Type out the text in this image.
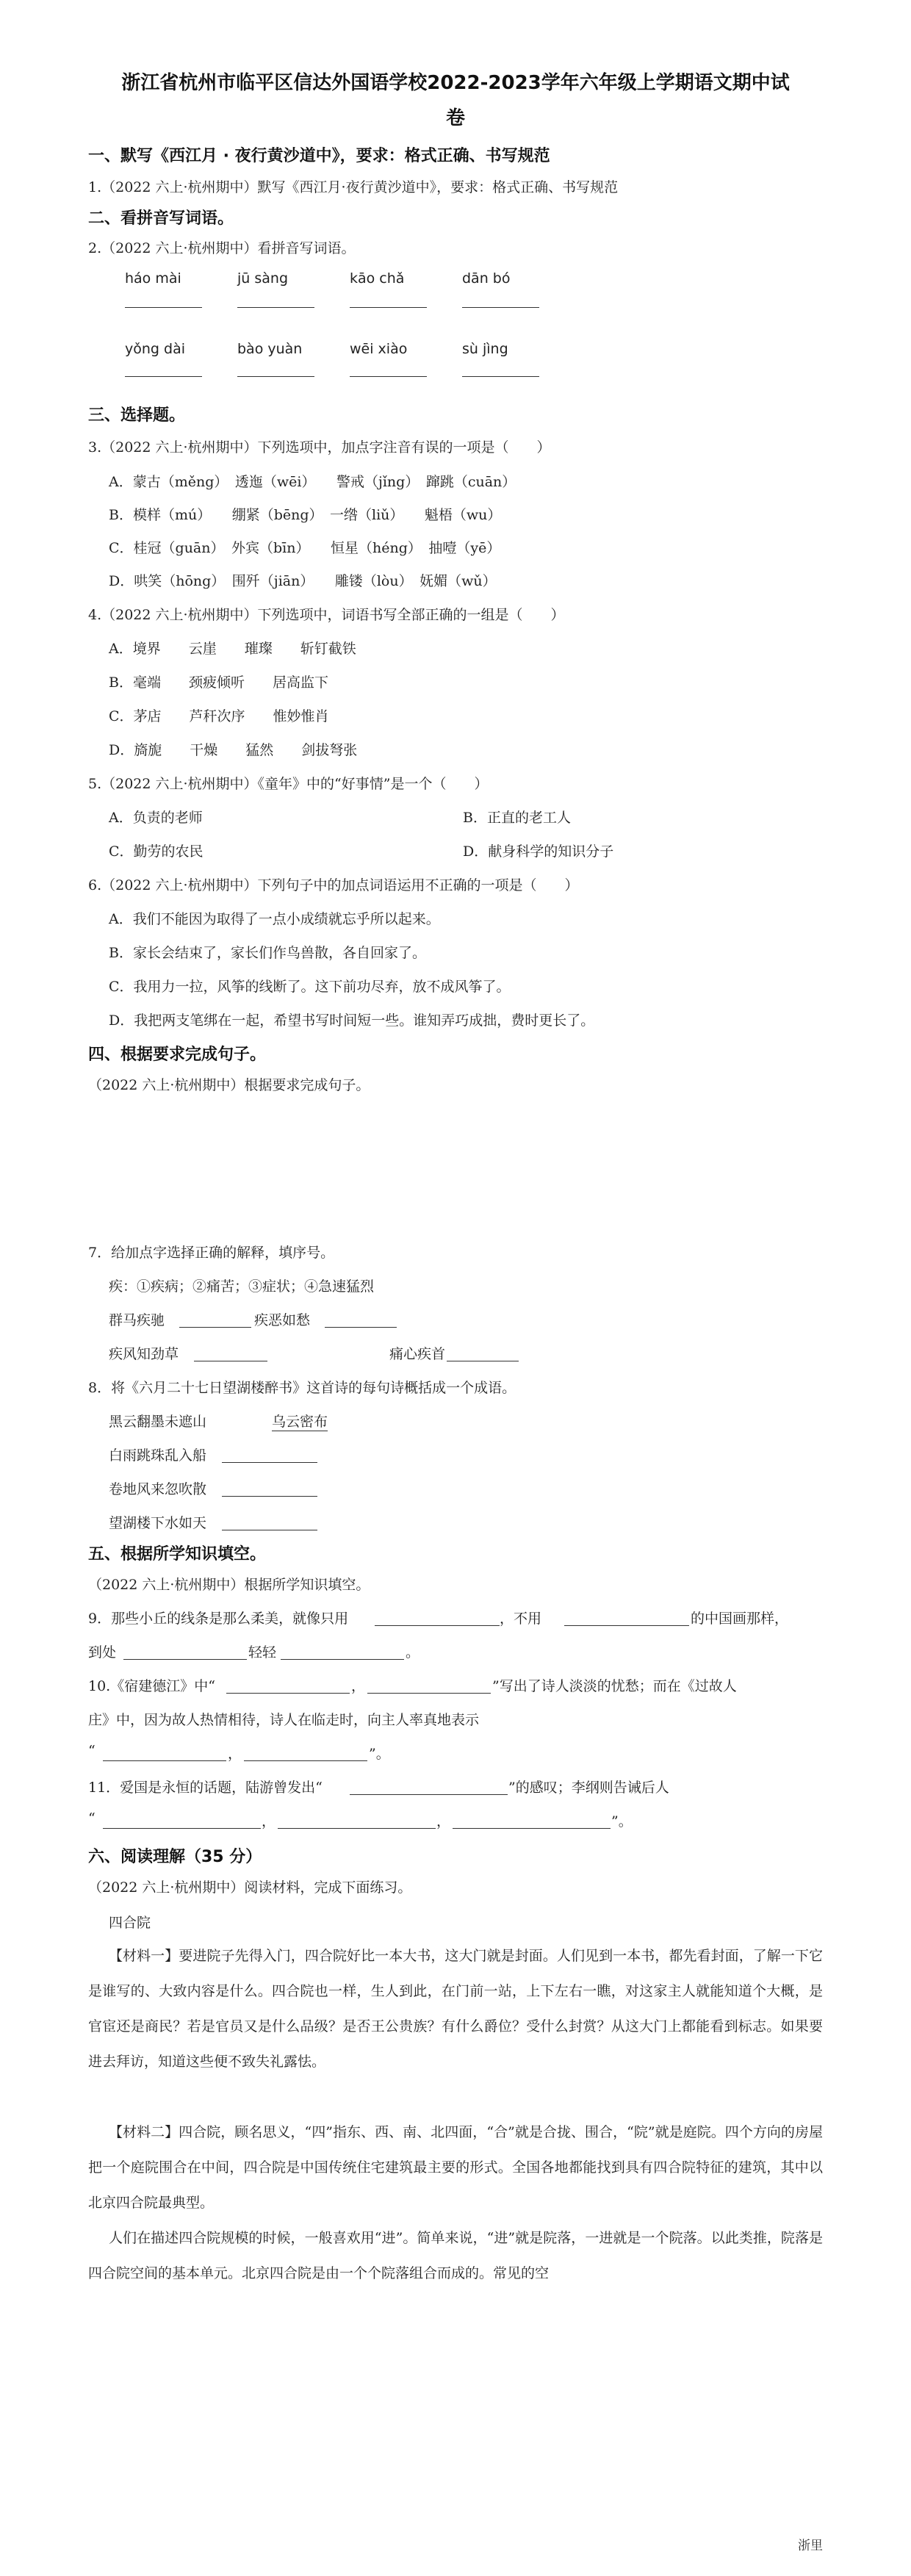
浙江省杭州市临平区信达外国语学校2022-2023学年六年级上学期语文期中试
卷
一、默写《西江月 · 夜行黄沙道中》，要求：格式正确、书写规范
1.（2022 六上·杭州期中）默写《西江月·夜行黄沙道中》，要求：格式正确、书写规范
二、看拼音写词语。
2.（2022 六上·杭州期中）看拼音写词语。
háo mài	jū sàng	kāo chǎ	dān bó
yǒng dài	bào yuàn	wēi xiào	sù jìng
三、选择题。
3.（2022 六上·杭州期中）下列选项中，加点字注音有误的一项是（　　）
A．蒙古（měng）　透迤（wēi）　　警戒（jǐng）　蹿跳（cuān）
B．模样（mú）　　绷紧（bēng）　一绺（liǔ）　　魁梧（wu）
C．桂冠（guān）　外宾（bīn）　　恒星（héng）　抽噎（yē）
D．哄笑（hōng）　围歼（jiān）　　雕镂（lòu）　妩媚（wǔ）
4.（2022 六上·杭州期中）下列选项中，词语书写全部正确的一组是（　　）
A．境界　　云崖　　璀璨　　斩钉截铁
B．毫端　　颈疲倾听　　居高监下
C．茅店　　芦秆次序　　惟妙惟肖
D．旖旎　　干燥　　猛然　　剑拔弩张
5.（2022 六上·杭州期中）《童年》中的“好事情”是一个（　　）
A．负责的老师	B．正直的老工人
C．勤劳的农民	D．献身科学的知识分子
6.（2022 六上·杭州期中）下列句子中的加点词语运用不正确的一项是（　　）
A．我们不能因为取得了一点小成绩就忘乎所以起来。
B．家长会结束了，家长们作鸟兽散，各自回家了。
C．我用力一拉，风筝的线断了。这下前功尽弃，放不成风筝了。
D．我把两支笔绑在一起，希望书写时间短一些。谁知弄巧成拙，费时更长了。
四、根据要求完成句子。
（2022 六上·杭州期中）根据要求完成句子。
7．给加点字选择正确的解释，填序号。
疾：①疾病；②痛苦；③症状；④急速猛烈
群马疾驰	疾恶如愁
疾风知劲草	痛心疾首
8．将《六月二十七日望湖楼醉书》这首诗的每句诗概括成一个成语。
黑云翻墨未遮山	乌云密布
白雨跳珠乱入船
卷地风来忽吹散
望湖楼下水如天
五、根据所学知识填空。
（2022 六上·杭州期中）根据所学知识填空。
9．那些小丘的线条是那么柔美，就像只用	，不用	的中国画那样，
到处	轻轻	。
10.《宿建德江》中“	，	”写出了诗人淡淡的忧愁；而在《过故人
庄》中，因为故人热情相待，诗人在临走时，向主人率真地表示
“	，	”。
11．爱国是永恒的话题，陆游曾发出“	”的感叹；李纲则告诫后人
“	，	，	”。
六、阅读理解（35 分）
（2022 六上·杭州期中）阅读材料，完成下面练习。
四合院
【材料一】要进院子先得入门，四合院好比一本大书，这大门就是封面。人们见到一本书，都先看封面，了解一下它是谁写的、大致内容是什么。四合院也一样，生人到此，在门前一站，上下左右一瞧，对这家主人就能知道个大概，是官宦还是商民？若是官员又是什么品级？是否王公贵族？有什么爵位？受什么封赏？从这大门上都能看到标志。如果要进去拜访，知道这些便不致失礼露怯。
【材料二】四合院，顾名思义，“四”指东、西、南、北四面，“合”就是合拢、围合，“院”就是庭院。四个方向的房屋把一个庭院围合在中间，四合院是中国传统住宅建筑最主要的形式。全国各地都能找到具有四合院特征的建筑，其中以北京四合院最典型。
人们在描述四合院规模的时候，一般喜欢用“进”。简单来说，“进”就是院落，一进就是一个院落。以此类推，院落是四合院空间的基本单元。北京四合院是由一个个院落组合而成的。常见的空
浙里
